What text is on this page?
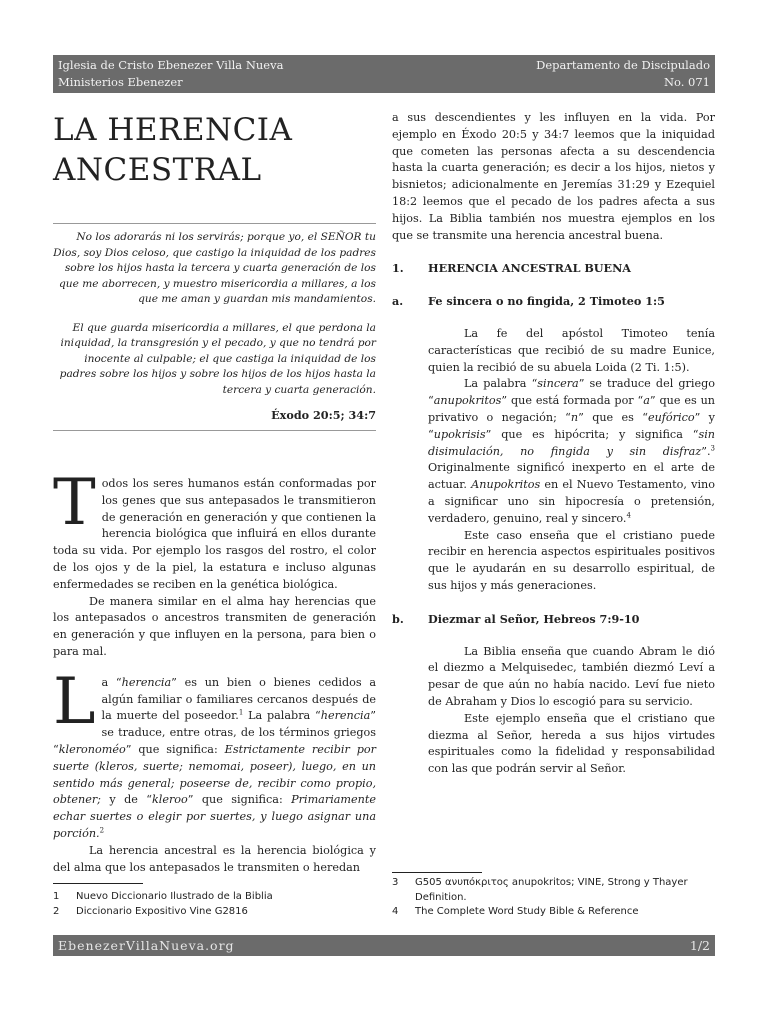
Iglesia de Cristo Ebenezer Villa Nueva
Ministerios Ebenezer
Departamento de Discipulado
No. 071
LA HERENCIA
ANCESTRAL

No los adorarás ni los servirás; porque yo, el SEÑOR tu Dios, soy Dios celoso, que castigo la iniquidad de los padres sobre los hijos hasta la tercera y cuarta generación de los que me aborrecen, y muestro misericordia a millares, a los que me aman y guardan mis mandamientos.

El que guarda misericordia a millares, el que perdona la iniquidad, la transgresión y el pecado, y que no tendrá por inocente al culpable; el que castiga la iniquidad de los padres sobre los hijos y sobre los hijos de los hijos hasta la tercera y cuarta generación.

Éxodo 20:5; 34:7

Todos los seres humanos están conformadas por los genes que sus antepasados le transmitieron de generación en generación y que contienen la herencia biológica que influirá en ellos durante toda su vida. Por ejemplo los rasgos del rostro, el color de los ojos y de la piel, la estatura e incluso algunas enfermedades se reciben en la genética biológica.

De manera similar en el alma hay herencias que los antepasados o ancestros transmiten de generación en generación y que influyen en la persona, para bien o para mal.

La “herencia” es un bien o bienes cedidos a algún familiar o familiares cercanos después de la muerte del poseedor.$^1$ La palabra “herencia” se traduce, entre otras, de los términos griegos “kleronoméo” que significa: Estrictamente recibir por suerte (kleros, suerte; nemomai, poseer), luego, en un sentido más general; poseerse de, recibir como propio, obtener; y de “kleroo” que significa: Primariamente echar suertes o elegir por suertes, y luego asignar una porción.$^2$

La herencia ancestral es la herencia biológica y del alma que los antepasados le transmiten o heredan

a sus descendientes y les influyen en la vida. Por ejemplo en Éxodo 20:5 y 34:7 leemos que la iniquidad que cometen las personas afecta a su descendencia hasta la cuarta generación; es decir a los hijos, nietos y bisnietos; adicionalmente en Jeremías 31:29 y Ezequiel 18:2 leemos que el pecado de los padres afecta a sus hijos. La Biblia también nos muestra ejemplos en los que se transmite una herencia ancestral buena.

1.	HERENCIA ANCESTRAL BUENA
a.	Fe sincera o no fingida, 2 Timoteo 1:5

La fe del apóstol Timoteo tenía características que recibió de su madre Eunice, quien la recibió de su abuela Loida (2 Ti. 1:5).

La palabra “sincera” se traduce del griego “anupokritos” que está formada por “a” que es un privativo o negación; “n” que es “eufórico” y “upokrisis” que es hipócrita; y significa “sin disimulación, no fingida y sin disfraz”.$^3$ Originalmente significó inexperto en el arte de actuar. Anupokritos en el Nuevo Testamento, vino a significar uno sin hipocresía o pretensión, verdadero, genuino, real y sincero.$^4$

Este caso enseña que el cristiano puede recibir en herencia aspectos espirituales positivos que le ayudarán en su desarrollo espiritual, de sus hijos y más generaciones.

b.	Diezmar al Señor, Hebreos 7:9-10

La Biblia enseña que cuando Abram le dió el diezmo a Melquisedec, también diezmó Leví a pesar de que aún no había nacido. Leví fue nieto de Abraham y Dios lo escogió para su servicio.

Este ejemplo enseña que el cristiano que diezma al Señor, hereda a sus hijos virtudes espirituales como la fidelidad y responsabilidad con las que podrán servir al Señor.

1	Nuevo Diccionario Ilustrado de la Biblia
2	Diccionario Expositivo Vine G2816
3	G505 ανυπόκριτος anupokritos; VINE, Strong y Thayer Definition.
4	The Complete Word Study Bible & Reference
EbenezerVillaNueva.org	1/2
